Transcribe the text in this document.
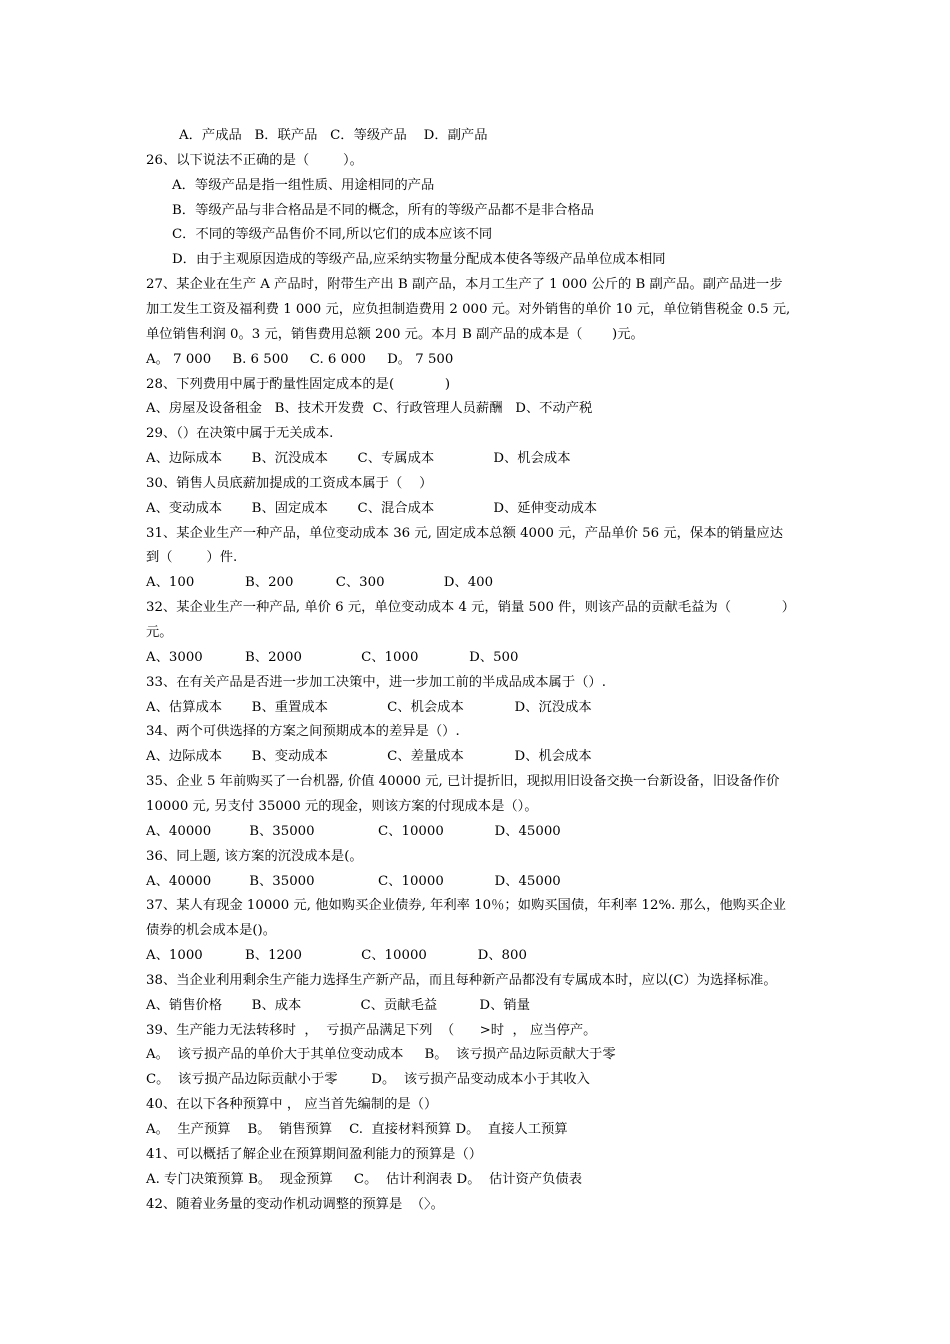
A．产成品   B．联产品   C．等级产品    D．副产品
26、以下说法不正确的是（        ）。
A．等级产品是指一组性质、用途相同的产品
B．等级产品与非合格品是不同的概念，所有的等级产品都不是非合格品
C．不同的等级产品售价不同,所以它们的成本应该不同
D．由于主观原因造成的等级产品,应采纳实物量分配成本使各等级产品单位成本相同
27、某企业在生产 A 产品时，附带生产出 B 副产品，本月工生产了 1 000 公斤的 B 副产品。副产品进一步
加工发生工资及福利费 1 000 元，应负担制造费用 2 000 元。对外销售的单价 10 元，单位销售税金 0.5 元,
单位销售利润 0。3 元，销售费用总额 200 元。本月 B 副产品的成本是（       )元。
A。 7 000     B. 6 500     C. 6 000     D。 7 500
28、下列费用中属于酌量性固定成本的是(            )
A、房屋及设备租金   B、技术开发费  C、行政管理人员薪酬   D、不动产税
29、（）在决策中属于无关成本.
A、边际成本       B、沉没成本       C、专属成本              D、机会成本
30、销售人员底薪加提成的工资成本属于（    ）
A、变动成本       B、固定成本       C、混合成本              D、延伸变动成本
31、某企业生产一种产品，单位变动成本 36 元, 固定成本总额 4000 元，产品单价 56 元，保本的销量应达
到（        ）件.
A、100            B、200          C、300              D、400
32、某企业生产一种产品, 单价 6 元，单位变动成本 4 元，销量 500 件，则该产品的贡献毛益为（            ）
元。
A、3000          B、2000              C、1000            D、500
33、在有关产品是否进一步加工决策中，进一步加工前的半成品成本属于（）.
A、估算成本       B、重置成本              C、机会成本            D、沉没成本
34、两个可供选择的方案之间预期成本的差异是（）.
A、边际成本       B、变动成本              C、差量成本            D、机会成本
35、企业 5 年前购买了一台机器, 价值 40000 元, 已计提折旧，现拟用旧设备交换一台新设备，旧设备作价
10000 元, 另支付 35000 元的现金，则该方案的付现成本是（）。
A、40000         B、35000               C、10000            D、45000
36、同上题, 该方案的沉没成本是(。
A、40000         B、35000               C、10000            D、45000
37、某人有现金 10000 元, 他如购买企业债券, 年利率 10％；如购买国债，年利率 12%. 那么，他购买企业
债券的机会成本是()。
A、1000          B、1200              C、10000            D、800
38、当企业利用剩余生产能力选择生产新产品，而且每种新产品都没有专属成本时，应以(C）为选择标准。
A、销售价格       B、成本              C、贡献毛益          D、销量
39、生产能力无法转移时  ，  亏损产品满足下列  （      >时  ， 应当停产。
A。  该亏损产品的单价大于其单位变动成本     B。  该亏损产品边际贡献大于零
C。  该亏损产品边际贡献小于零        D。  该亏损产品变动成本小于其收入
40、在以下各种预算中 ， 应当首先编制的是（）
A。  生产预算    B。  销售预算    C.  直接材料预算 D。  直接人工预算
41、可以概括了解企业在预算期间盈利能力的预算是（）
A. 专门决策预算 B。  现金预算     C。  估计利润表 D。  估计资产负债表
42、随着业务量的变动作机动调整的预算是  （〉。
